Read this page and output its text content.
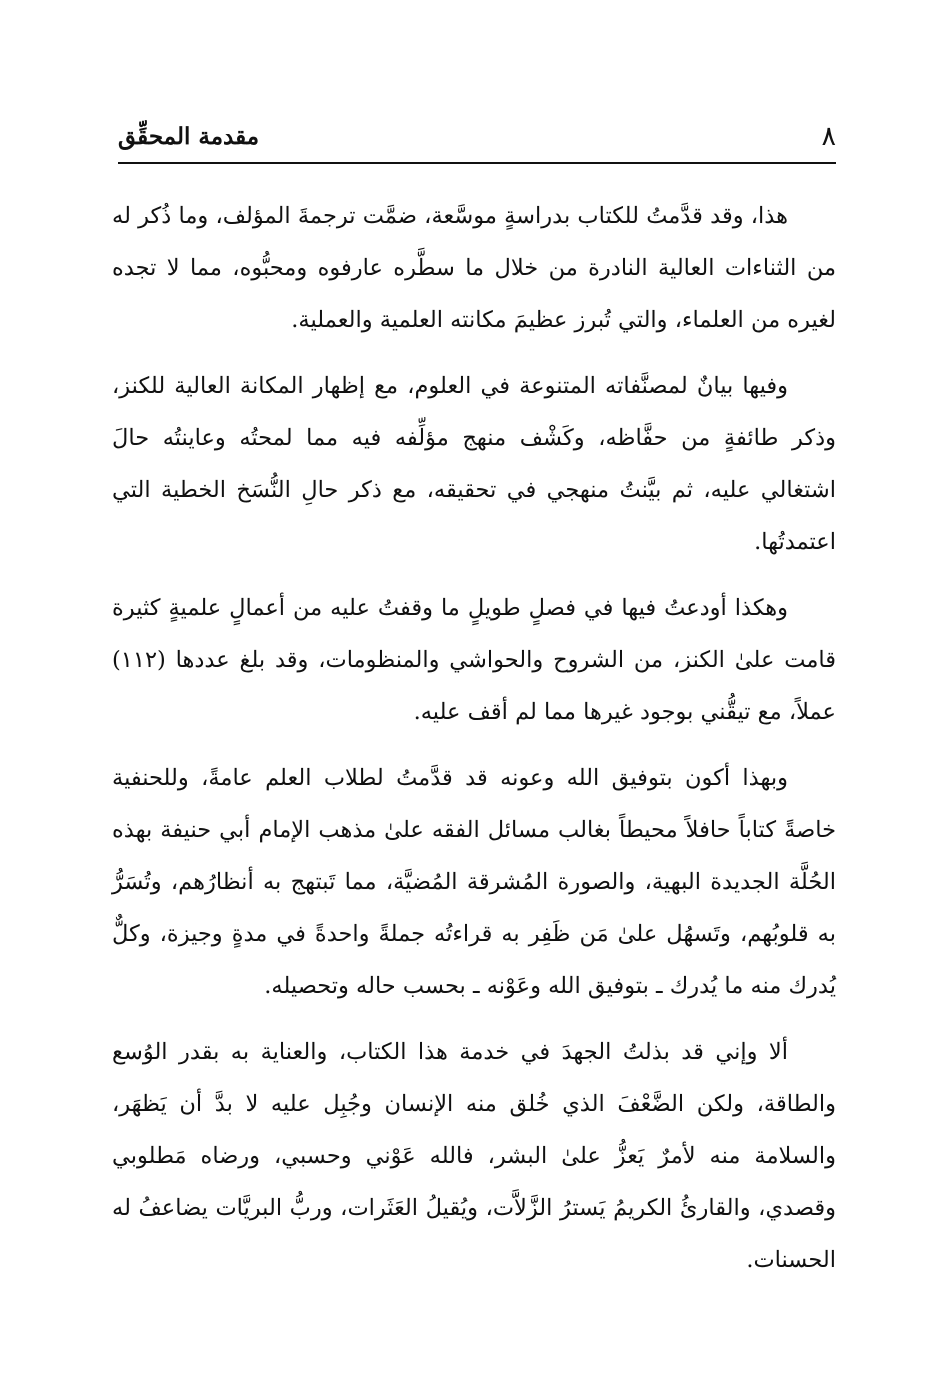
٨
مقدمة المحقِّق

هذا، وقد قدَّمتُ للكتاب بدراسةٍ موسَّعة، ضمَّت ترجمةَ المؤلف، وما ذُكر له من الثناءات العالية النادرة من خلال ما سطَّره عارفوه ومحبُّوه، مما لا تجده لغيره من العلماء، والتي تُبرز عظيمَ مكانته العلمية والعملية.

وفيها بيانٌ لمصنَّفاته المتنوعة في العلوم، مع إظهار المكانة العالية للكنز، وذكر طائفةٍ من حفَّاظه، وكَشْف منهج مؤلِّفه فيه مما لمحتُه وعاينتُه حالَ اشتغالي عليه، ثم بيَّنتُ منهجي في تحقيقه، مع ذكر حالِ النُّسَخ الخطية التي اعتمدتُها.

وهكذا أودعتُ فيها في فصلٍ طويلٍ ما وقفتُ عليه من أعمالٍ علميةٍ كثيرة قامت علىٰ الكنز، من الشروح والحواشي والمنظومات، وقد بلغ عددها (١١٢) عملاً، مع تيقُّني بوجود غيرها مما لم أقف عليه.

وبهذا أكون بتوفيق الله وعونه قد قدَّمتُ لطلاب العلم عامةً، وللحنفية خاصةً كتاباً حافلاً محيطاً بغالب مسائل الفقه علىٰ مذهب الإمام أبي حنيفة بهذه الحُلَّة الجديدة البهية، والصورة المُشرقة المُضيَّة، مما تَبتهج به أنظارُهم، وتُسَرُّ به قلوبُهم، وتَسهُل علىٰ مَن ظَفِر به قراءتُه جملةً واحدةً في مدةٍ وجيزة، وكلٌّ يُدرك منه ما يُدرك ـ بتوفيق الله وعَوْنه ـ بحسب حاله وتحصيله.

ألا وإني قد بذلتُ الجهدَ في خدمة هذا الكتاب، والعناية به بقدر الوُسع والطاقة، ولكن الضَّعْفَ الذي خُلق منه الإنسان وجُبِل عليه لا بدَّ أن يَظهَر، والسلامة منه لأمرٌ يَعزُّ علىٰ البشر، فالله عَوْني وحسبي، ورضاه مَطلوبي وقصدي، والقارئُ الكريمُ يَسترُ الزَّلاَّت، ويُقيلُ العَثَرات، وربُّ البريَّات يضاعفُ له الحسنات.
